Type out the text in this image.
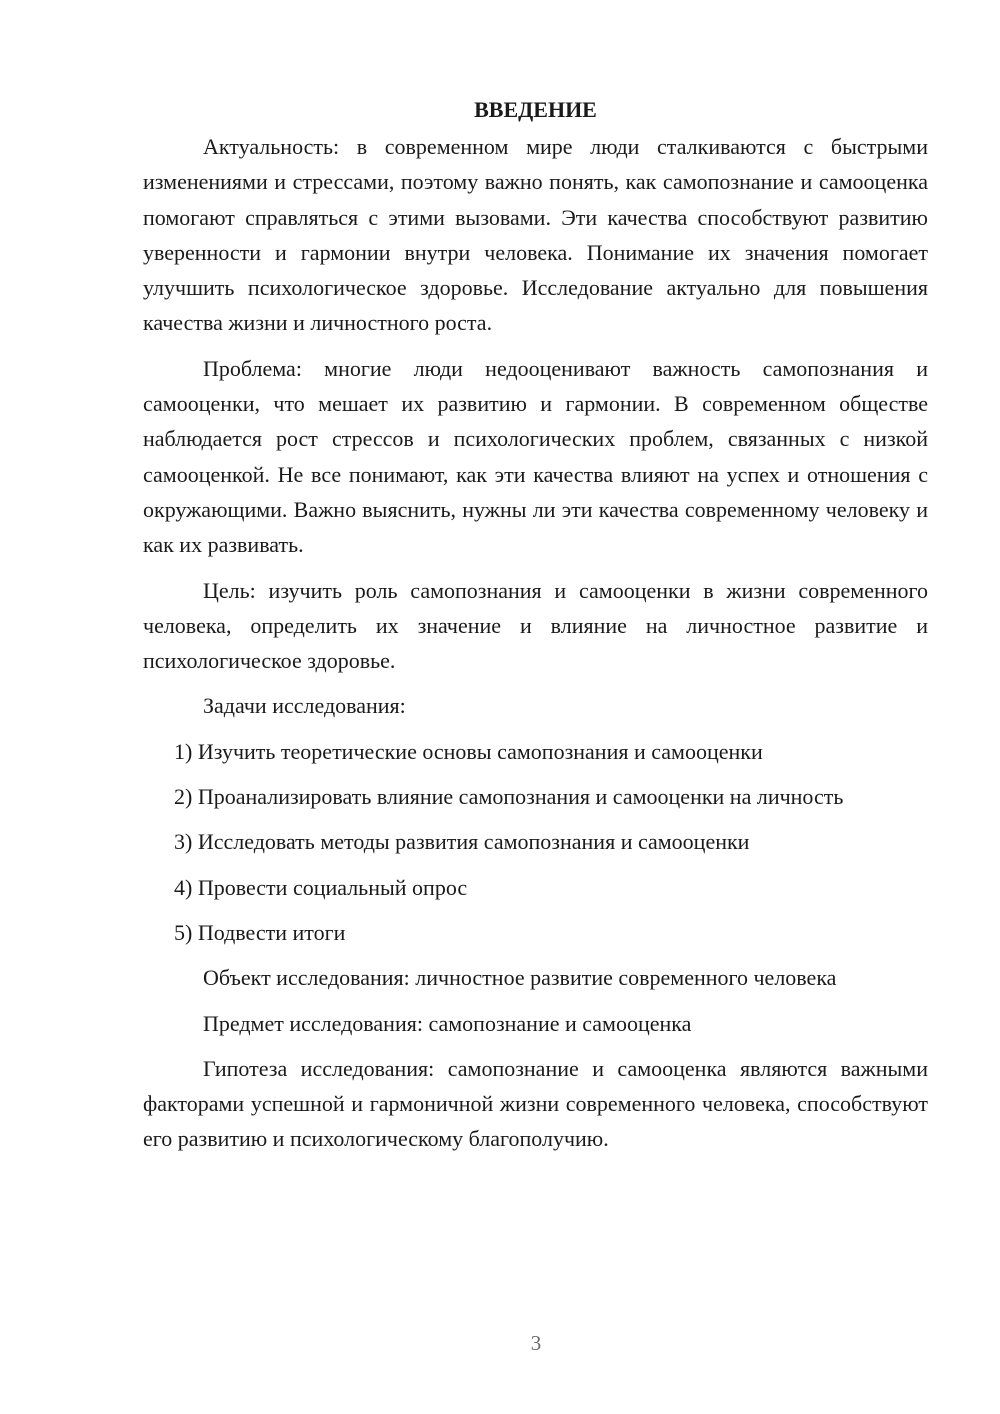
ВВЕДЕНИЕ

Актуальность: в современном мире люди сталкиваются с быстрыми изменениями и стрессами, поэтому важно понять, как самопознание и самооценка помогают справляться с этими вызовами. Эти качества способствуют развитию уверенности и гармонии внутри человека. Понимание их значения помогает улучшить психологическое здоровье. Исследование актуально для повышения качества жизни и личностного роста.

Проблема: многие люди недооценивают важность самопознания и самооценки, что мешает их развитию и гармонии. В современном обществе наблюдается рост стрессов и психологических проблем, связанных с низкой самооценкой. Не все понимают, как эти качества влияют на успех и отношения с окружающими. Важно выяснить, нужны ли эти качества современному человеку и как их развивать.

Цель: изучить роль самопознания и самооценки в жизни современного человека, определить их значение и влияние на личностное развитие и психологическое здоровье.

Задачи исследования:

1) Изучить теоретические основы самопознания и самооценки

2) Проанализировать влияние самопознания и самооценки на личность

3) Исследовать методы развития самопознания и самооценки

4) Провести социальный опрос

5) Подвести итоги

Объект исследования: личностное развитие современного человека

Предмет исследования: самопознание и самооценка

Гипотеза исследования: самопознание и самооценка являются важными факторами успешной и гармоничной жизни современного человека, способствуют его развитию и психологическому благополучию.

3
